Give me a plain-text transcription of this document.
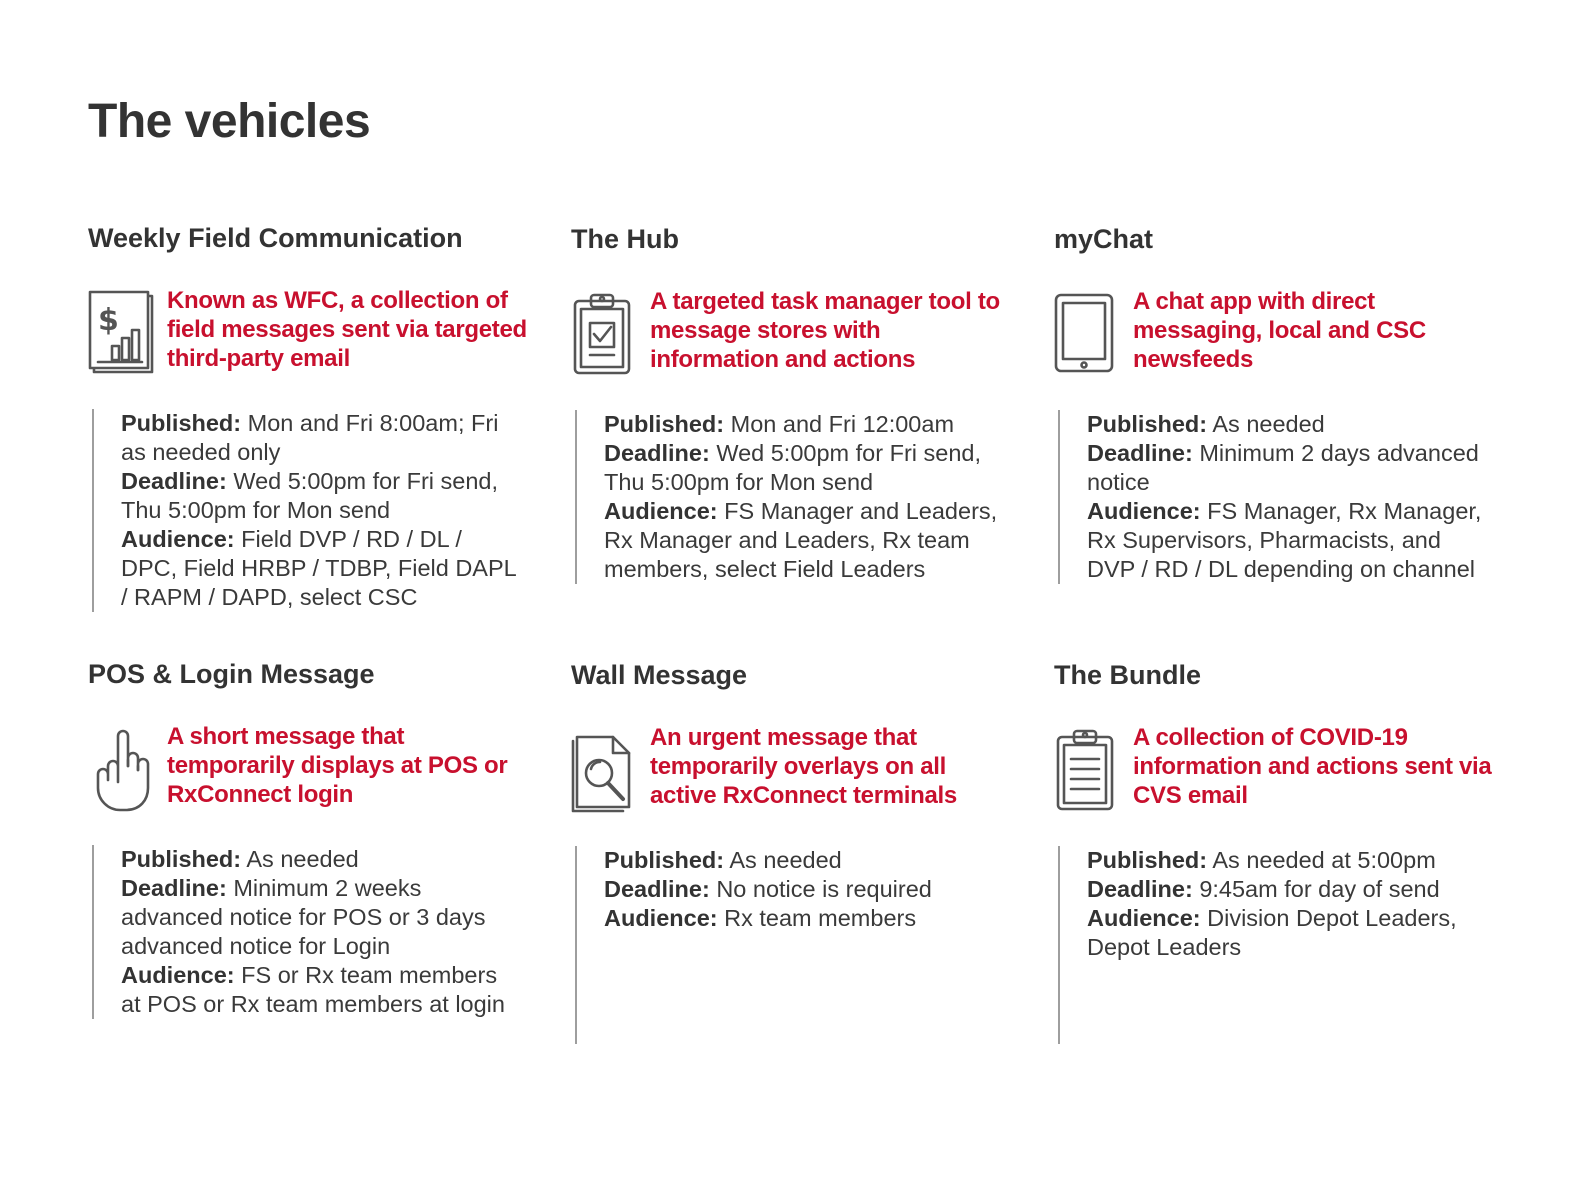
The vehicles
Weekly Field Communication
$
Known as WFC, a collection of field messages sent via targeted third-party email
Published: Mon and Fri 8:00am; Fri as needed only
Deadline: Wed 5:00pm for Fri send, Thu 5:00pm for Mon send
Audience: Field DVP / RD / DL / DPC, Field HRBP / TDBP, Field DAPL / RAPM / DAPD, select CSC
The Hub
A targeted task manager tool to message stores with information and actions
Published: Mon and Fri 12:00am
Deadline: Wed 5:00pm for Fri send, Thu 5:00pm for Mon send
Audience: FS Manager and Leaders, Rx Manager and Leaders, Rx team members, select Field Leaders
myChat
A chat app with direct messaging, local and CSC newsfeeds
Published: As needed
Deadline: Minimum 2 days advanced notice
Audience: FS Manager, Rx Manager, Rx Supervisors, Pharmacists, and DVP / RD / DL depending on channel
POS & Login Message
A short message that temporarily displays at POS or RxConnect login
Published: As needed
Deadline: Minimum 2 weeks advanced notice for POS or 3 days advanced notice for Login
Audience: FS or Rx team members at POS or Rx team members at login
Wall Message
An urgent message that temporarily overlays on all active RxConnect terminals
Published: As needed
Deadline: No notice is required
Audience: Rx team members
The Bundle
A collection of COVID-19 information and actions sent via CVS email
Published: As needed at 5:00pm
Deadline: 9:45am for day of send
Audience: Division Depot Leaders, Depot Leaders
